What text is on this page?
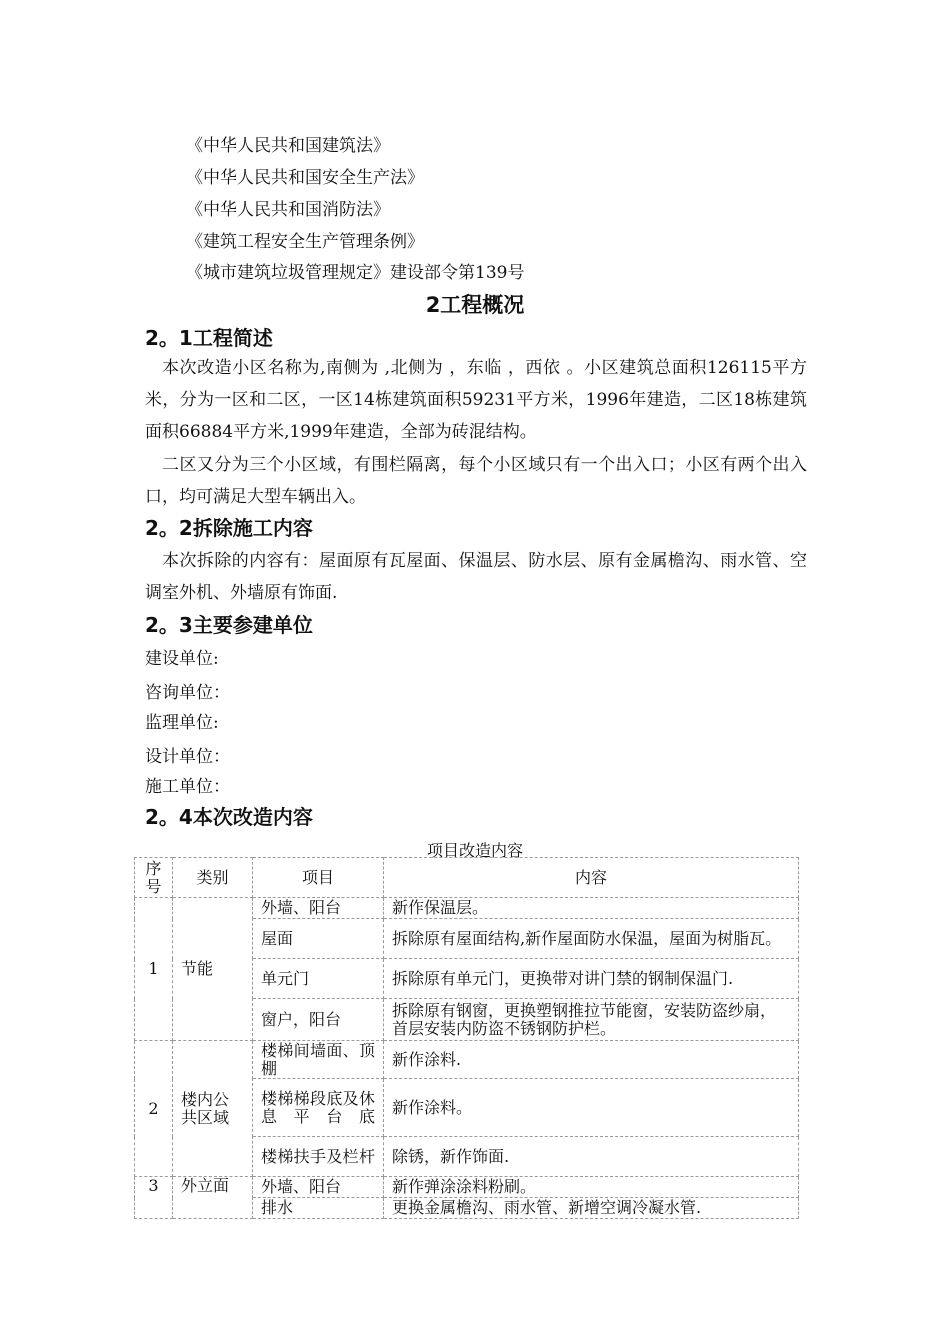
《中华人民共和国建筑法》
《中华人民共和国安全生产法》
《中华人民共和国消防法》
《建筑工程安全生产管理条例》
《城市建筑垃圾管理规定》建设部令第139号
2工程概况
2。1工程简述
本次改造小区名称为,南侧为 ,北侧为 ，东临 ，西依 。小区建筑总面积126115平方米，分为一区和二区，一区14栋建筑面积59231平方米，1996年建造，二区18栋建筑面积66884平方米,1999年建造，全部为砖混结构。
二区又分为三个小区域，有围栏隔离，每个小区域只有一个出入口；小区有两个出入口，均可满足大型车辆出入。
2。2拆除施工内容
本次拆除的内容有：屋面原有瓦屋面、保温层、防水层、原有金属檐沟、雨水管、空调室外机、外墙原有饰面.
2。3主要参建单位
建设单位:
咨询单位：
监理单位:
设计单位：
施工单位：
2。4本次改造内容
项目改造内容
序号	类别	项目	内容
1	节能	外墙、阳台	新作保温层。
		屋面	拆除原有屋面结构,新作屋面防水保温，屋面为树脂瓦。
		单元门	拆除原有单元门，更换带对讲门禁的钢制保温门.
		窗户，阳台	拆除原有钢窗，更换塑钢推拉节能窗，安装防盗纱扇，首层安装内防盗不锈钢防护栏。
2	楼内公共区域	楼梯间墙面、顶棚	新作涂料.
		楼梯梯段底及休息平台底	新作涂料。
		楼梯扶手及栏杆	除锈，新作饰面.
3	外立面	外墙、阳台	新作弹涂涂料粉刷。
		排水	更换金属檐沟、雨水管、新增空调冷凝水管.
